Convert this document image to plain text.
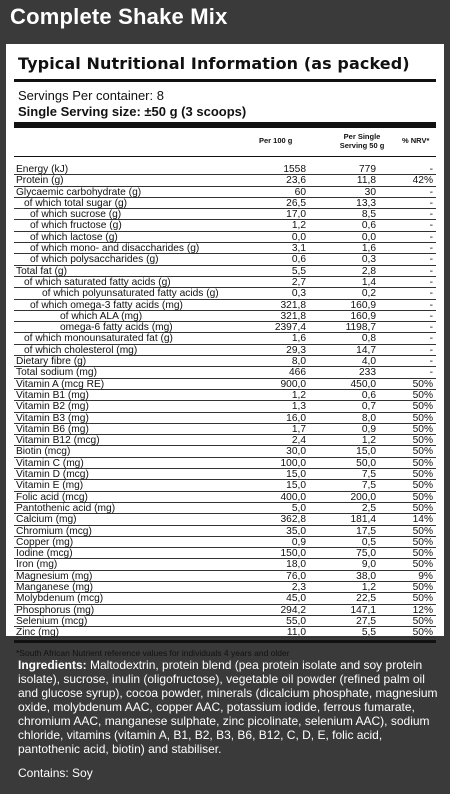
Complete Shake Mix
Typical Nutritional Information (as packed)
Servings Per container: 8
Single Serving size: ±50 g (3 scoops)
Per 100 g	Per Single Serving 50 g
% NRV*
Energy (kJ)	1558	779	-
Protein (g)	23,6	11,8	42%
Glycaemic carbohydrate (g)	60	30	-
of which total sugar (g)	26,5	13,3	-
of which sucrose (g)	17,0	8,5	-
of which fructose (g)	1,2	0,6	-
of which lactose (g)	0,0	0,0	-
of which mono- and disaccharides (g)	3,1	1,6	-
of which polysaccharides (g)	0,6	0,3	-
Total fat (g)	5,5	2,8	-
of which saturated fatty acids (g)	2,7	1,4	-
of which polyunsaturated fatty acids (g)	0,3	0,2	-
of which omega-3 fatty acids (mg)	321,8	160,9	-
of which ALA (mg)	321,8	160,9	-
omega-6 fatty acids (mg)	2397,4	1198,7	-
of which monounsaturated fat (g)	1,6	0,8	-
of which cholesterol (mg)	29,3	14,7	-
Dietary fibre (g)	8,0	4,0	-
Total sodium (mg)	466	233	-
Vitamin A (mcg RE)	900,0	450,0	50%
Vitamin B1 (mg)	1,2	0,6	50%
Vitamin B2 (mg)	1,3	0,7	50%
Vitamin B3 (mg)	16,0	8,0	50%
Vitamin B6 (mg)	1,7	0,9	50%
Vitamin B12 (mcg)	2,4	1,2	50%
Biotin (mcg)	30,0	15,0	50%
Vitamin C (mg)	100,0	50,0	50%
Vitamin D (mcg)	15,0	7,5	50%
Vitamin E (mg)	15,0	7,5	50%
Folic acid (mcg)	400,0	200,0	50%
Pantothenic acid (mg)	5,0	2,5	50%
Calcium (mg)	362,8	181,4	14%
Chromium (mcg)	35,0	17,5	50%
Copper (mg)	0,9	0,5	50%
Iodine (mcg)	150,0	75,0	50%
Iron (mg)	18,0	9,0	50%
Magnesium (mg)	76,0	38,0	9%
Manganese (mg)	2,3	1,2	50%
Molybdenum (mcg)	45,0	22,5	50%
Phosphorus (mg)	294,2	147,1	12%
Selenium (mcg)	55,0	27,5	50%
Zinc (mg)	11,0	5,5	50%
*South African Nutrient reference values for individuals 4 years and older

Ingredients: Maltodextrin, protein blend (pea protein isolate and soy protein isolate), sucrose, inulin (oligofructose), vegetable oil powder (refined palm oil and glucose syrup), cocoa powder, minerals (dicalcium phosphate, magnesium oxide, molybdenum AAC, copper AAC, potassium iodide, ferrous fumarate, chromium AAC, manganese sulphate, zinc picolinate, selenium AAC), sodium chloride, vitamins (vitamin A, B1, B2, B3, B6, B12, C, D, E, folic acid, pantothenic acid, biotin) and stabiliser.

Contains: Soy
